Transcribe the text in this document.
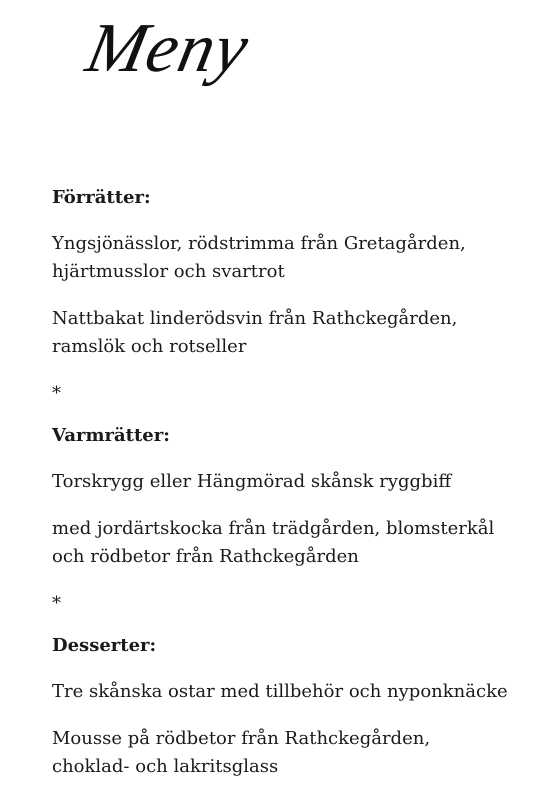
Meny
Förrätter:
Yngsjönässlor, rödstrimma från Gretagården, hjärtmusslor och svartrot
Nattbakat linderödsvin från Rathckegården, ramslök och rotseller
*
Varmrätter:
Torskrygg eller Hängmörad skånsk ryggbiff
med jordärtskocka från trädgården, blomsterkål och rödbetor från Rathckegården
*
Desserter:
Tre skånska ostar med tillbehör och nyponknäcke
Mousse på rödbetor från Rathckegården, choklad- och lakritsglass
